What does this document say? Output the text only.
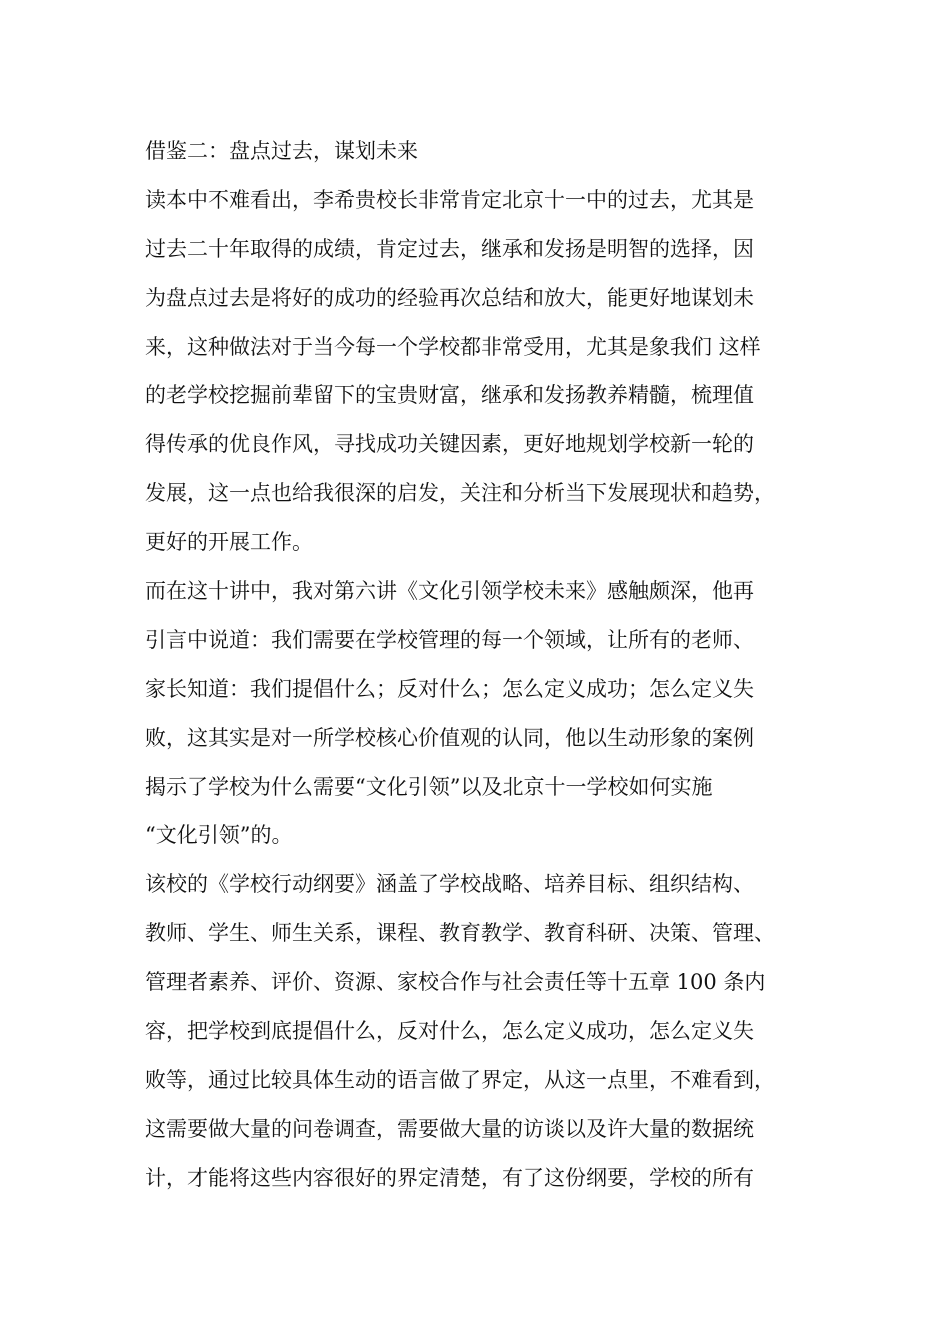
借鉴二：盘点过去，谋划未来
读本中不难看出，李希贵校长非常肯定北京十一中的过去，尤其是
过去二十年取得的成绩，肯定过去，继承和发扬是明智的选择，因
为盘点过去是将好的成功的经验再次总结和放大，能更好地谋划未
来，这种做法对于当今每一个学校都非常受用，尤其是象我们 这样
的老学校挖掘前辈留下的宝贵财富，继承和发扬教养精髓，梳理值
得传承的优良作风，寻找成功关键因素，更好地规划学校新一轮的
发展，这一点也给我很深的启发，关注和分析当下发展现状和趋势，
更好的开展工作。
而在这十讲中，我对第六讲《文化引领学校未来》感触颇深，他再
引言中说道：我们需要在学校管理的每一个领域，让所有的老师、
家长知道：我们提倡什么；反对什么；怎么定义成功；怎么定义失
败，这其实是对一所学校核心价值观的认同，他以生动形象的案例
揭示了学校为什么需要“文化引领”以及北京十一学校如何实施
“文化引领”的。
该校的《学校行动纲要》涵盖了学校战略、培养目标、组织结构、
教师、学生、师生关系，课程、教育教学、教育科研、决策、管理、
管理者素养、评价、资源、家校合作与社会责任等十五章 100 条内
容，把学校到底提倡什么，反对什么，怎么定义成功，怎么定义失
败等，通过比较具体生动的语言做了界定，从这一点里，不难看到，
这需要做大量的问卷调查，需要做大量的访谈以及许大量的数据统
计，才能将这些内容很好的界定清楚，有了这份纲要，学校的所有
